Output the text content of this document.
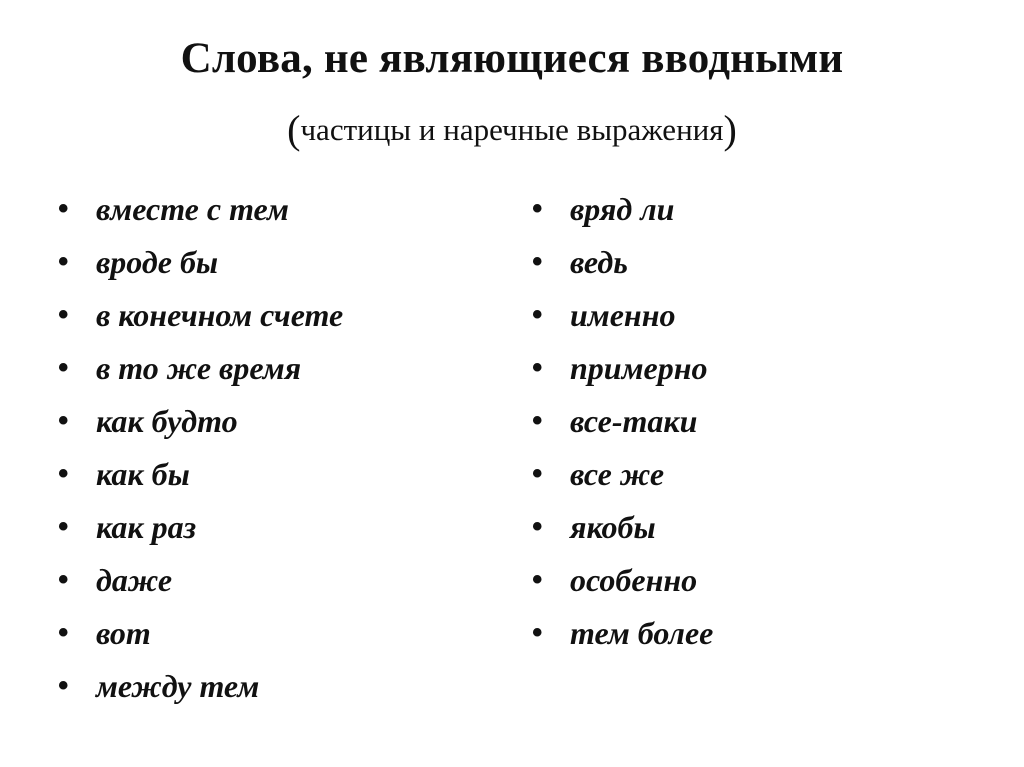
Слова, не являющиеся вводными
(частицы и наречные выражения)
• вместе с тем
• вроде бы
• в конечном счете
• в то же время
• как будто
• как бы
• как раз
• даже
• вот
• между тем
• вряд ли
• ведь
• именно
• примерно
• все-таки
• все же
• якобы
• особенно
• тем более
